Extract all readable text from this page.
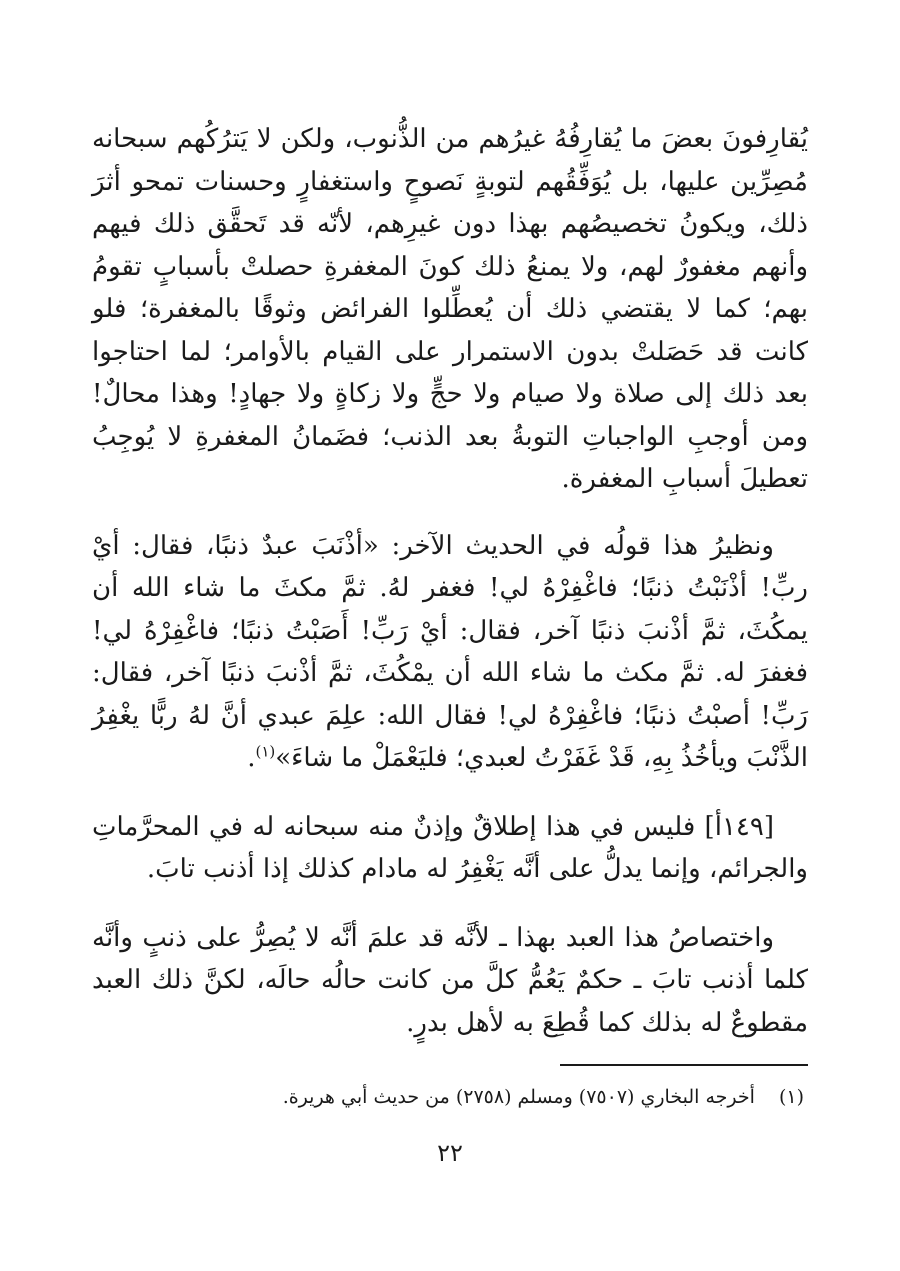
يُقارِفونَ بعضَ ما يُقارِفُهُ غيرُهم من الذُّنوب، ولكن لا يَترُكُهم سبحانه مُصِرِّين عليها، بل يُوَفِّقُهم لتوبةٍ نَصوحٍ واستغفارٍ وحسنات تمحو أثرَ ذلك، ويكونُ تخصيصُهم بهذا دون غيرِهم، لأنّه قد تَحقَّق ذلك فيهم وأنهم مغفورٌ لهم، ولا يمنعُ ذلك كونَ المغفرةِ حصلتْ بأسبابٍ تقومُ بهم؛ كما لا يقتضي ذلك أن يُعطِّلوا الفرائض وثوقًا بالمغفرة؛ فلو كانت قد حَصَلتْ بدون الاستمرار على القيام بالأوامر؛ لما احتاجوا بعد ذلك إلى صلاة ولا صيام ولا حجٍّ ولا زكاةٍ ولا جهادٍ! وهذا محالٌ! ومن أوجبِ الواجباتِ التوبةُ بعد الذنب؛ فضَمانُ المغفرةِ لا يُوجِبُ تعطيلَ أسبابِ المغفرة.

ونظيرُ هذا قولُه في الحديث الآخر: «أذْنَبَ عبدٌ ذنبًا، فقال: أيْ ربِّ! أذْنَبْتُ ذنبًا؛ فاغْفِرْهُ لي! فغفر لهُ. ثمَّ مكثَ ما شاء الله أن يمكُثَ، ثمَّ أذْنبَ ذنبًا آخر، فقال: أيْ رَبِّ! أَصَبْتُ ذنبًا؛ فاغْفِرْهُ لي! فغفرَ له. ثمَّ مكث ما شاء الله أن يمْكُثَ، ثمَّ أذْنبَ ذنبًا آخر، فقال: رَبِّ! أصبْتُ ذنبًا؛ فاغْفِرْهُ لي! فقال الله: علِمَ عبدي أنَّ لهُ ربًّا يغْفِرُ الذَّنْبَ ويأخُذُ بِهِ، قَدْ غَفَرْتُ لعبدي؛ فليَعْمَلْ ما شاءَ»$^{(١)}$.

[١٤٩أ] فليس في هذا إطلاقٌ وإذنٌ منه سبحانه له في المحرَّماتِ والجرائم، وإنما يدلُّ على أنَّه يَغْفِرُ له مادام كذلك إذا أذنب تابَ.

واختصاصُ هذا العبد بهذا ـ لأنَّه قد علمَ أنَّه لا يُصِرُّ على ذنبٍ وأنَّه كلما أذنب تابَ ـ حكمٌ يَعُمُّ كلَّ من كانت حالُه حالَه، لكنَّ ذلك العبد مقطوعٌ له بذلك كما قُطِعَ به لأهل بدرٍ.

(١) أخرجه البخاري (٧٥٠٧) ومسلم (٢٧٥٨) من حديث أبي هريرة.
٢٢
